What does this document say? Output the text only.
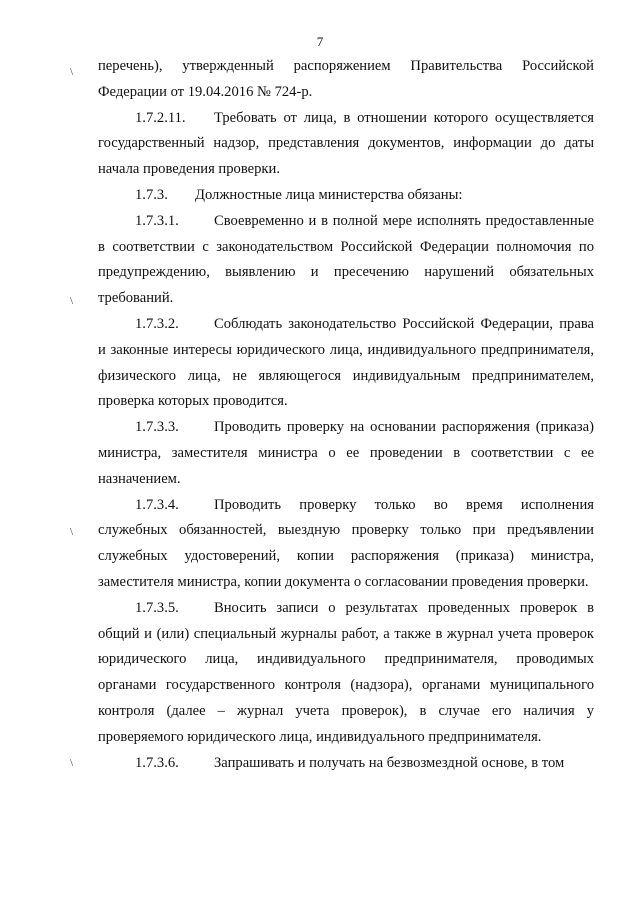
7
\
\
\
\

перечень), утвержденный распоряжением Правительства Российской Федерации от 19.04.2016 № 724-р.

1.7.2.11. Требовать от лица, в отношении которого осуществляется государственный надзор, представления документов, информации до даты начала проведения проверки.

1.7.3. Должностные лица министерства обязаны:

1.7.3.1. Своевременно и в полной мере исполнять предоставленные в соответствии с законодательством Российской Федерации полномочия по предупреждению, выявлению и пресечению нарушений обязательных требований.

1.7.3.2. Соблюдать законодательство Российской Федерации, права и законные интересы юридического лица, индивидуального предпринимателя, физического лица, не являющегося индивидуальным предпринимателем, проверка которых проводится.

1.7.3.3. Проводить проверку на основании распоряжения (приказа) министра, заместителя министра о ее проведении в соответствии с ее назначением.

1.7.3.4. Проводить проверку только во время исполнения служебных обязанностей, выездную проверку только при предъявлении служебных удостоверений, копии распоряжения (приказа) министра, заместителя министра, копии документа о согласовании проведения проверки.

1.7.3.5. Вносить записи о результатах проведенных проверок в общий и (или) специальный журналы работ, а также в журнал учета проверок юридического лица, индивидуального предпринимателя, проводимых органами государственного контроля (надзора), органами муниципального контроля (далее – журнал учета проверок), в случае его наличия у проверяемого юридического лица, индивидуального предпринимателя.

1.7.3.6. Запрашивать и получать на безвозмездной основе, в том
